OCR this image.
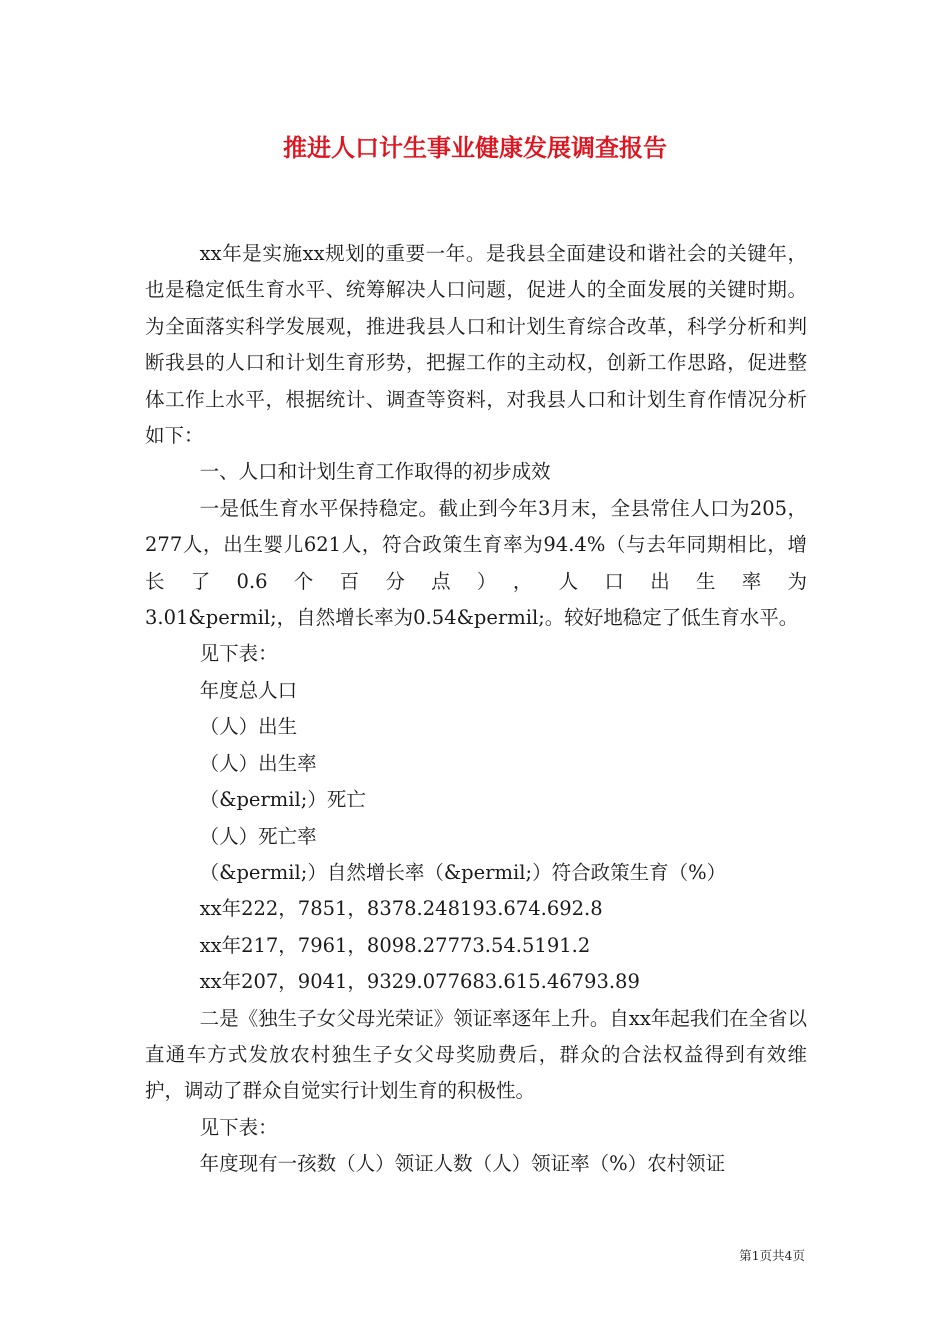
推进人口计生事业健康发展调查报告

xx年是实施xx规划的重要一年。是我县全面建设和谐社会的关键年，也是稳定低生育水平、统筹解决人口问题，促进人的全面发展的关键时期。为全面落实科学发展观，推进我县人口和计划生育综合改革，科学分析和判断我县的人口和计划生育形势，把握工作的主动权，创新工作思路，促进整体工作上水平，根据统计、调查等资料，对我县人口和计划生育作情况分析如下：

一、人口和计划生育工作取得的初步成效

一是低生育水平保持稳定。截止到今年3月末，全县常住人口为205，277人，出生婴儿621人，符合政策生育率为94.4%（与去年同期相比，增长了0.6个百分点），人口出生率为

3.01&permil;，自然增长率为0.54&permil;。较好地稳定了低生育水平。

见下表：

年度总人口

（人）出生

（人）出生率

（&permil;）死亡

（人）死亡率

（&permil;）自然增长率（&permil;）符合政策生育（%）

xx年222，7851，8378.248193.674.692.8

xx年217，7961，8098.27773.54.5191.2

xx年207，9041，9329.077683.615.46793.89

二是《独生子女父母光荣证》领证率逐年上升。自xx年起我们在全省以直通车方式发放农村独生子女父母奖励费后，群众的合法权益得到有效维护，调动了群众自觉实行计划生育的积极性。

见下表：

年度现有一孩数（人）领证人数（人）领证率（%）农村领证

第1页共4页
